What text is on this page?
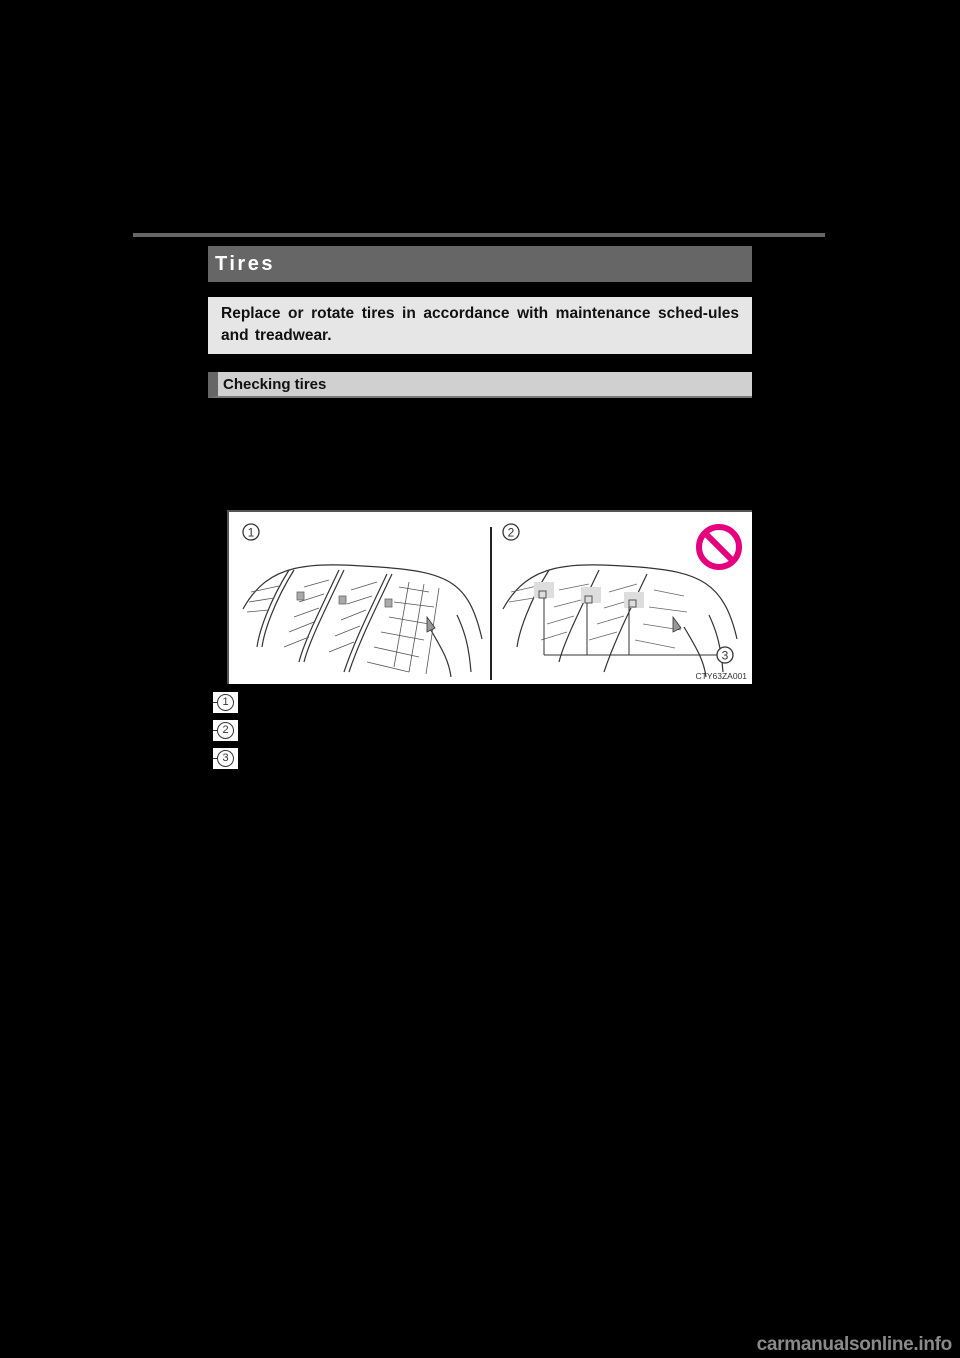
Tires

Replace or rotate tires in accordance with maintenance sched-ules and treadwear.

Checking tires
1	2
3
CTY63ZA001
1
2
3
carmanualsonline.info
